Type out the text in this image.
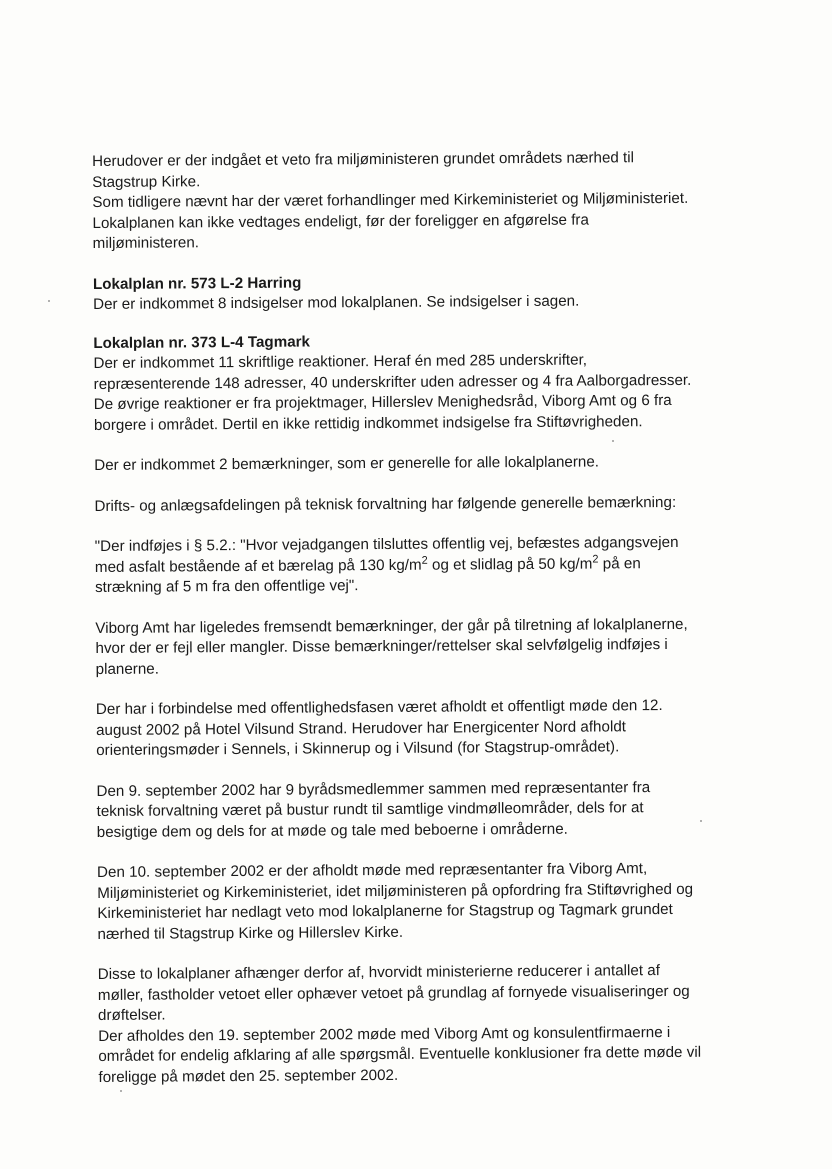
Herudover er der indgået et veto fra miljøministeren grundet områdets nærhed til
Stagstrup Kirke.
Som tidligere nævnt har der været forhandlinger med Kirkeministeriet og Miljøministeriet.
Lokalplanen kan ikke vedtages endeligt, før der foreligger en afgørelse fra
miljøministeren.
Lokalplan nr. 573 L-2 Harring
Der er indkommet 8 indsigelser mod lokalplanen. Se indsigelser i sagen.
Lokalplan nr. 373 L-4 Tagmark
Der er indkommet 11 skriftlige reaktioner. Heraf én med 285 underskrifter,
repræsenterende 148 adresser, 40 underskrifter uden adresser og 4 fra Aalborgadresser.
De øvrige reaktioner er fra projektmager, Hillerslev Menighedsråd, Viborg Amt og 6 fra
borgere i området. Dertil en ikke rettidig indkommet indsigelse fra Stiftøvrigheden.
Der er indkommet 2 bemærkninger, som er generelle for alle lokalplanerne.
Drifts- og anlægsafdelingen på teknisk forvaltning har følgende generelle bemærkning:
"Der indføjes i § 5.2.: "Hvor vejadgangen tilsluttes offentlig vej, befæstes adgangsvejen
med asfalt bestående af et bærelag på 130 $kg/m^2$ og et slidlag på 50 $kg/m^2$ på en
strækning af 5 m fra den offentlige vej".
Viborg Amt har ligeledes fremsendt bemærkninger, der går på tilretning af lokalplanerne,
hvor der er fejl eller mangler. Disse bemærkninger/rettelser skal selvfølgelig indføjes i
planerne.
Der har i forbindelse med offentlighedsfasen været afholdt et offentligt møde den 12.
august 2002 på Hotel Vilsund Strand. Herudover har Energicenter Nord afholdt
orienteringsmøder i Sennels, i Skinnerup og i Vilsund (for Stagstrup-området).
Den 9. september 2002 har 9 byrådsmedlemmer sammen med repræsentanter fra
teknisk forvaltning været på bustur rundt til samtlige vindmølleområder, dels for at
besigtige dem og dels for at møde og tale med beboerne i områderne.
Den 10. september 2002 er der afholdt møde med repræsentanter fra Viborg Amt,
Miljøministeriet og Kirkeministeriet, idet miljøministeren på opfordring fra Stiftøvrighed og
Kirkeministeriet har nedlagt veto mod lokalplanerne for Stagstrup og Tagmark grundet
nærhed til Stagstrup Kirke og Hillerslev Kirke.
Disse to lokalplaner afhænger derfor af, hvorvidt ministerierne reducerer i antallet af
møller, fastholder vetoet eller ophæver vetoet på grundlag af fornyede visualiseringer og
drøftelser.
Der afholdes den 19. september 2002 møde med Viborg Amt og konsulentfirmaerne i
området for endelig afklaring af alle spørgsmål. Eventuelle konklusioner fra dette møde vil
foreligge på mødet den 25. september 2002.
